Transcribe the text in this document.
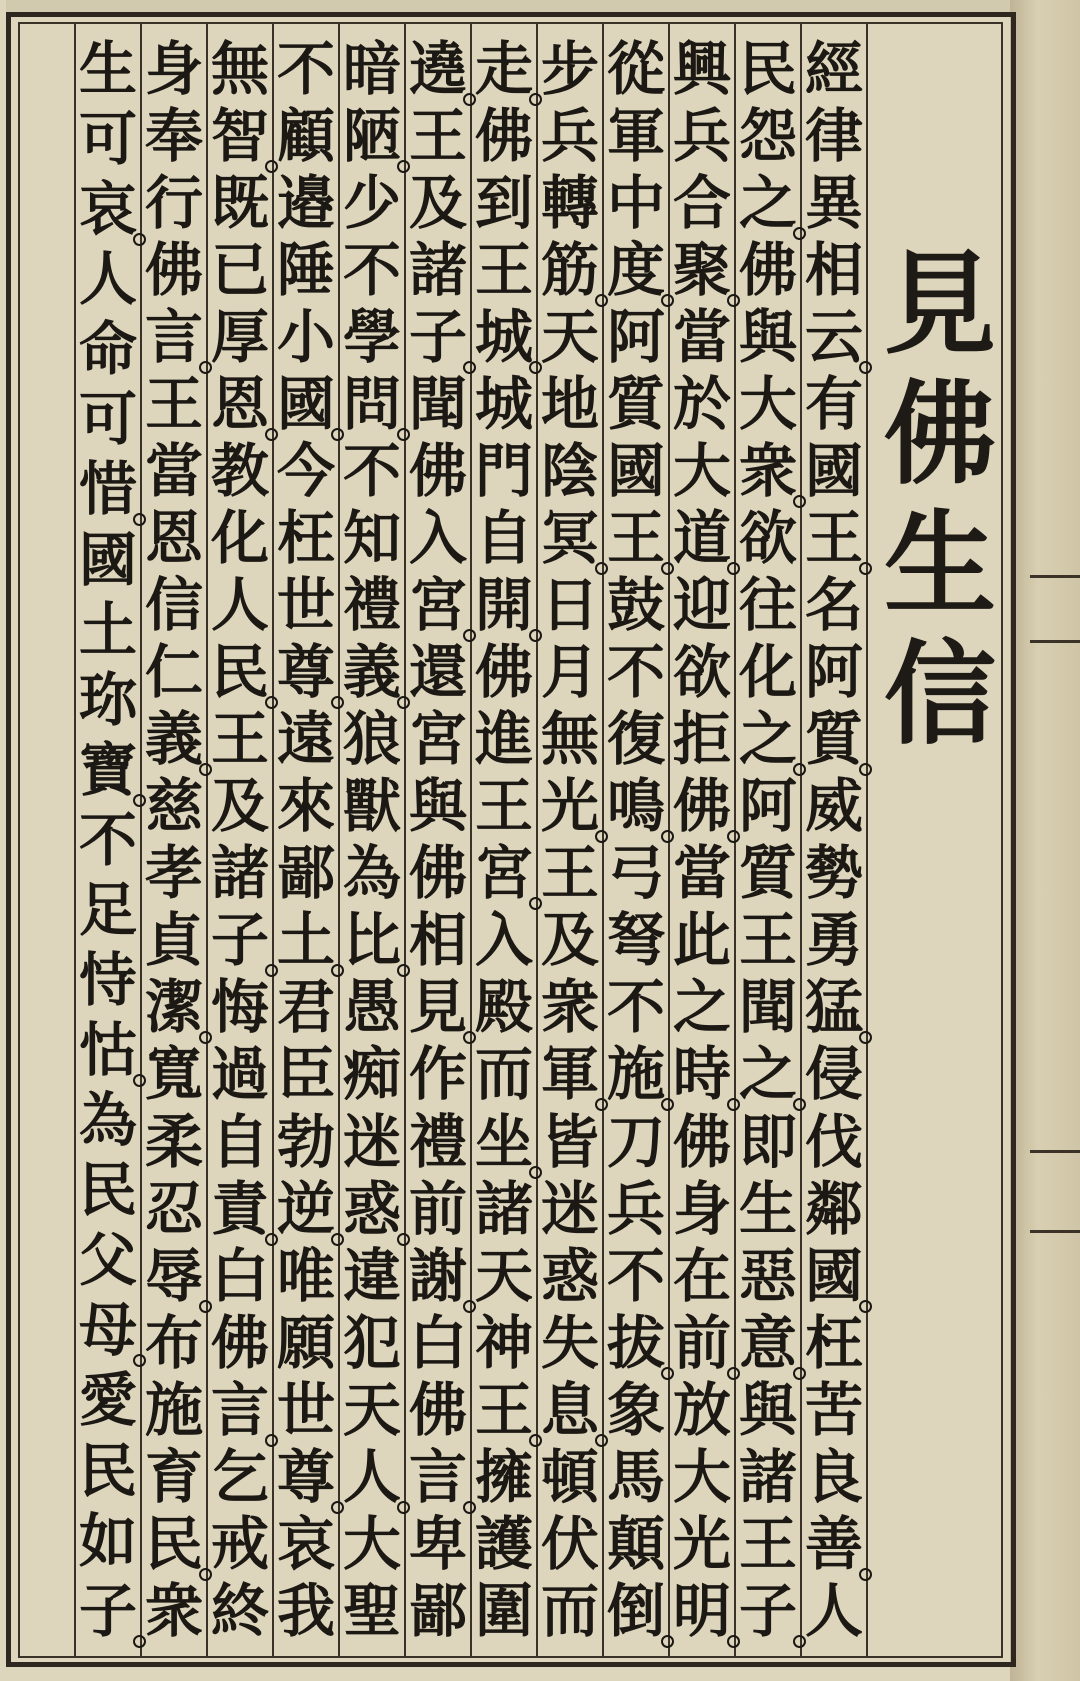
見
佛
生
信
經
律
異
相
云
有
國
王
名
阿
質
威
勢
勇
猛
侵
伐
鄰
國
枉
苦
良
善
人
民
怨
之
佛
與
大
衆
欲
往
化
之
阿
質
王
聞
之
即
生
惡
意
與
諸
王
子
興
兵
合
聚
當
於
大
道
迎
欲
拒
佛
當
此
之
時
佛
身
在
前
放
大
光
明
從
軍
中
度
阿
質
國
王
鼓
不
復
鳴
弓
弩
不
施
刀
兵
不
拔
象
馬
顛
倒
步
兵
轉
筋
天
地
陰
冥
日
月
無
光
王
及
衆
軍
皆
迷
惑
失
息
頓
伏
而
走
佛
到
王
城
城
門
自
開
佛
進
王
宮
入
殿
而
坐
諸
天
神
王
擁
護
圍
遶
王
及
諸
子
聞
佛
入
宮
還
宮
與
佛
相
見
作
禮
前
謝
白
佛
言
卑
鄙
暗
陋
少
不
學
問
不
知
禮
義
狼
獸
為
比
愚
痴
迷
惑
違
犯
天
人
大
聖
不
顧
邉
陲
小
國
今
枉
世
尊
遠
來
鄙
土
君
臣
勃
逆
唯
願
世
尊
哀
我
無
智
既
已
厚
恩
教
化
人
民
王
及
諸
子
悔
過
自
責
白
佛
言
乞
戒
終
身
奉
行
佛
言
王
當
恩
信
仁
義
慈
孝
貞
潔
寬
柔
忍
辱
布
施
育
民
衆
生
可
哀
人
命
可
惜
國
土
珎
寶
不
足
恃
怙
為
民
父
母
愛
民
如
子
